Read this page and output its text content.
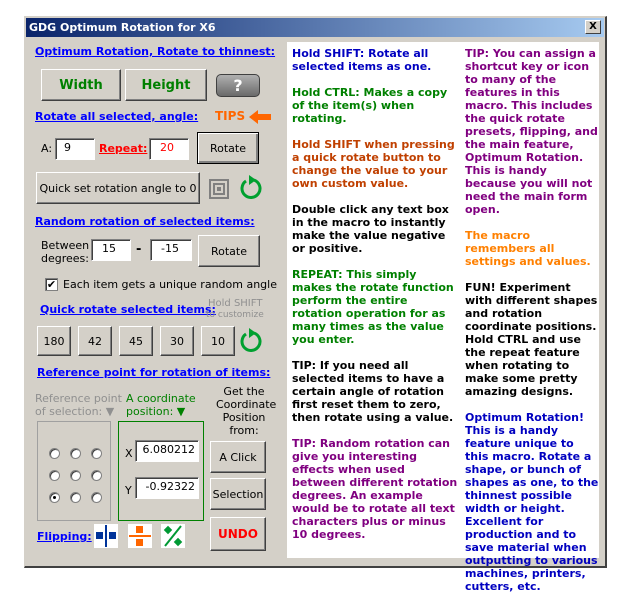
GDG Optimum Rotation for X6	X
Optimum Rotation, Rotate to thinnest:
Width	Height	?
TIPS
Rotate all selected, angle:
A:	9	Repeat:	20	Rotate
Quick set rotation angle to 0
Random rotation of selected items:
Between
degrees:
15	-	-15	Rotate
✔ Each item gets a unique random angle
Quick rotate selected items:
Hold SHIFT
to customize
180	42	45	30	10
Reference point for rotation of items:
Reference point
of selection: ▼
A coordinate
position: ▼
Get the
Coordinate
Position
from:
X 6.080212
Y	-0.92322
A Click
Selection
Flipping:	UNDO

Hold SHIFT: Rotate all selected items as one.

Hold CTRL: Makes a copy of the item(s) when rotating.

Hold SHIFT when pressing a quick rotate button to change the value to your own custom value.

Double click any text box in the macro to instantly make the value negative or positive.

REPEAT: This simply makes the rotate function perform the entire rotation operation for as many times as the value you enter.

TIP: If you need all selected items to have a certain angle of rotation first reset them to zero, then rotate using a value.

TIP: Random rotation can give you interesting effects when used between different rotation degrees. An example would be to rotate all text characters plus or minus 10 degrees.

TIP: You can assign a shortcut key or icon to many of the features in this macro. This includes the quick rotate presets, flipping, and the main feature, Optimum Rotation. This is handy because you will not need the main form open.

The macro remembers all settings and values.

FUN! Experiment with different shapes and rotation coordinate positions. Hold CTRL and use the repeat feature when rotating to make some pretty amazing designs.

Optimum Rotation! This is a handy feature unique to this macro. Rotate a shape, or bunch of shapes as one, to the thinnest possible width or height. Excellent for production and to save material when outputting to various machines, printers, cutters, etc.
